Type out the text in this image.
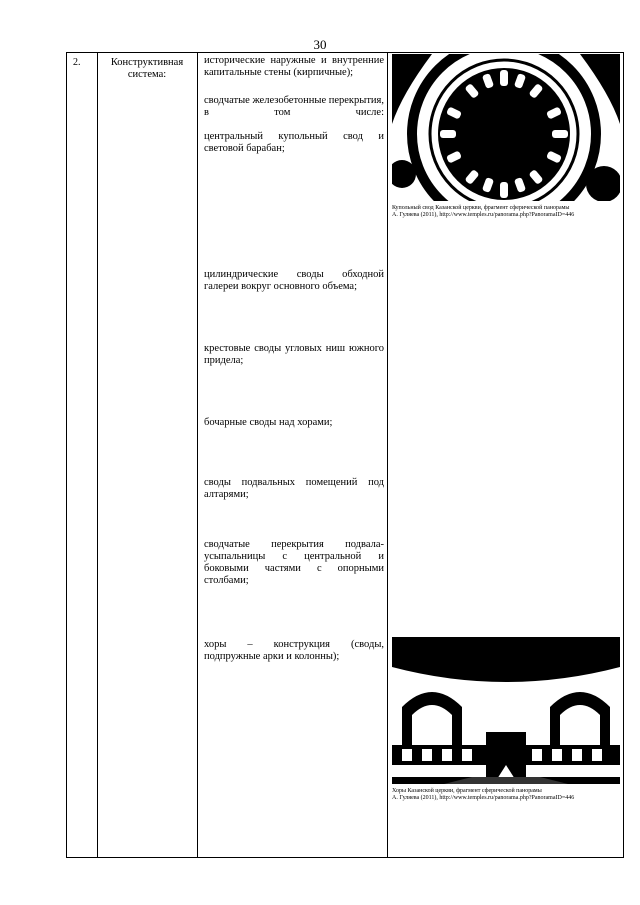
30
2.	Конструктивная система:
исторические наружные и внутренние капитальные стены (кирпичные);
сводчатые железобетонные перекрытия, в том числе:
центральный купольный свод и световой барабан;
цилиндрические своды обходной галереи вокруг основного объема;
крестовые своды угловых ниш южного придела;
бочарные своды над хорами;
своды подвальных помещений под алтарями;
сводчатые перекрытия подвала-усыпальницы с центральной и боковыми частями с опорными столбами;
хоры – конструкция (своды, подпружные арки и колонны);
Купольный свод Казанской церкви, фрагмент сферической панорамы
А. Гуляева (2011), http://www.temples.ru/panorama.php?PanoramaID=446
Хоры Казанской церкви, фрагмент сферической панорамы
А. Гуляева (2011), http://www.temples.ru/panorama.php?PanoramaID=446
